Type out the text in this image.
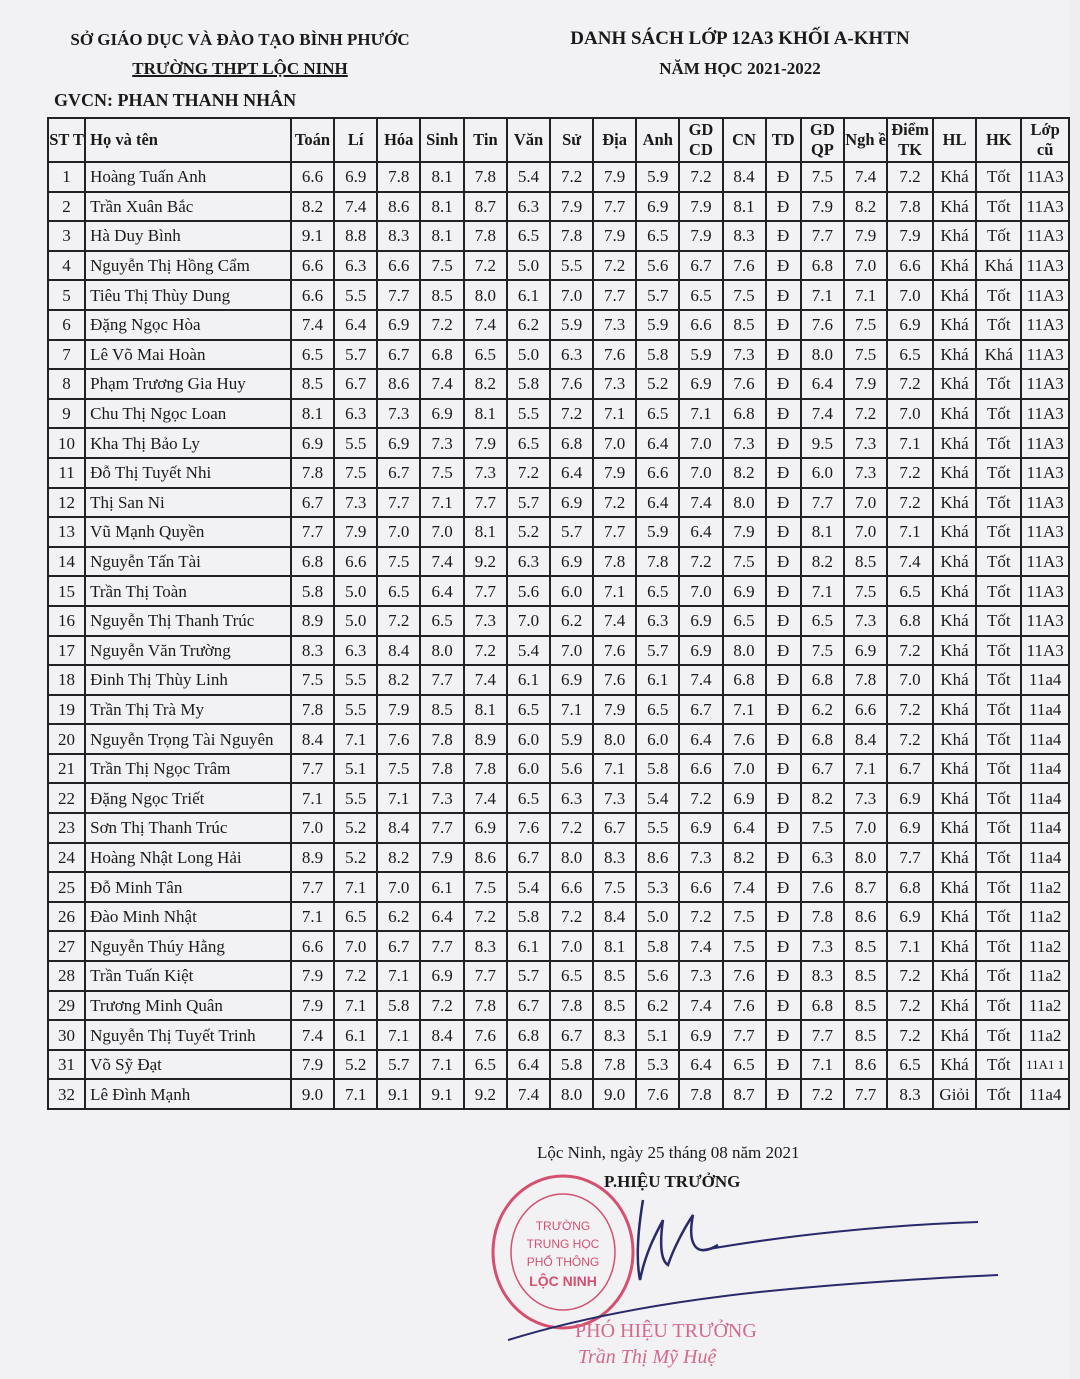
SỞ GIÁO DỤC VÀ ĐÀO TẠO BÌNH PHƯỚC
TRƯỜNG THPT LỘC NINH
DANH SÁCH LỚP 12A3 KHỐI A-KHTN
NĂM HỌC 2021-2022
GVCN: PHAN THANH NHÂN
ST T	Họ và tên	Toán	Lí	Hóa	Sinh	Tin	Văn	Sử	Địa	Anh	GD CD	CN	TD	GD QP	Ngh ề	Điểm TK	HL	HK	Lớp cũ
1	Hoàng Tuấn Anh	6.6	6.9	7.8	8.1	7.8	5.4	7.2	7.9	5.9	7.2	8.4	Đ	7.5	7.4	7.2	Khá	Tốt	11A3
2	Trần Xuân Bắc	8.2	7.4	8.6	8.1	8.7	6.3	7.9	7.7	6.9	7.9	8.1	Đ	7.9	8.2	7.8	Khá	Tốt	11A3
3	Hà Duy Bình	9.1	8.8	8.3	8.1	7.8	6.5	7.8	7.9	6.5	7.9	8.3	Đ	7.7	7.9	7.9	Khá	Tốt	11A3
4	Nguyễn Thị Hồng Cẩm	6.6	6.3	6.6	7.5	7.2	5.0	5.5	7.2	5.6	6.7	7.6	Đ	6.8	7.0	6.6	Khá	Khá	11A3
5	Tiêu Thị Thùy Dung	6.6	5.5	7.7	8.5	8.0	6.1	7.0	7.7	5.7	6.5	7.5	Đ	7.1	7.1	7.0	Khá	Tốt	11A3
6	Đặng Ngọc Hòa	7.4	6.4	6.9	7.2	7.4	6.2	5.9	7.3	5.9	6.6	8.5	Đ	7.6	7.5	6.9	Khá	Tốt	11A3
7	Lê Võ Mai Hoàn	6.5	5.7	6.7	6.8	6.5	5.0	6.3	7.6	5.8	5.9	7.3	Đ	8.0	7.5	6.5	Khá	Khá	11A3
8	Phạm Trương Gia Huy	8.5	6.7	8.6	7.4	8.2	5.8	7.6	7.3	5.2	6.9	7.6	Đ	6.4	7.9	7.2	Khá	Tốt	11A3
9	Chu Thị Ngọc Loan	8.1	6.3	7.3	6.9	8.1	5.5	7.2	7.1	6.5	7.1	6.8	Đ	7.4	7.2	7.0	Khá	Tốt	11A3
10	Kha Thị Bảo Ly	6.9	5.5	6.9	7.3	7.9	6.5	6.8	7.0	6.4	7.0	7.3	Đ	9.5	7.3	7.1	Khá	Tốt	11A3
11	Đỗ Thị Tuyết Nhi	7.8	7.5	6.7	7.5	7.3	7.2	6.4	7.9	6.6	7.0	8.2	Đ	6.0	7.3	7.2	Khá	Tốt	11A3
12	Thị San Ni	6.7	7.3	7.7	7.1	7.7	5.7	6.9	7.2	6.4	7.4	8.0	Đ	7.7	7.0	7.2	Khá	Tốt	11A3
13	Vũ Mạnh Quyền	7.7	7.9	7.0	7.0	8.1	5.2	5.7	7.7	5.9	6.4	7.9	Đ	8.1	7.0	7.1	Khá	Tốt	11A3
14	Nguyễn Tấn Tài	6.8	6.6	7.5	7.4	9.2	6.3	6.9	7.8	7.8	7.2	7.5	Đ	8.2	8.5	7.4	Khá	Tốt	11A3
15	Trần Thị Toàn	5.8	5.0	6.5	6.4	7.7	5.6	6.0	7.1	6.5	7.0	6.9	Đ	7.1	7.5	6.5	Khá	Tốt	11A3
16	Nguyễn Thị Thanh Trúc	8.9	5.0	7.2	6.5	7.3	7.0	6.2	7.4	6.3	6.9	6.5	Đ	6.5	7.3	6.8	Khá	Tốt	11A3
17	Nguyễn Văn Trường	8.3	6.3	8.4	8.0	7.2	5.4	7.0	7.6	5.7	6.9	8.0	Đ	7.5	6.9	7.2	Khá	Tốt	11A3
18	Đinh Thị Thùy Linh	7.5	5.5	8.2	7.7	7.4	6.1	6.9	7.6	6.1	7.4	6.8	Đ	6.8	7.8	7.0	Khá	Tốt	11a4
19	Trần Thị Trà My	7.8	5.5	7.9	8.5	8.1	6.5	7.1	7.9	6.5	6.7	7.1	Đ	6.2	6.6	7.2	Khá	Tốt	11a4
20	Nguyễn Trọng Tài Nguyên	8.4	7.1	7.6	7.8	8.9	6.0	5.9	8.0	6.0	6.4	7.6	Đ	6.8	8.4	7.2	Khá	Tốt	11a4
21	Trần Thị Ngọc Trâm	7.7	5.1	7.5	7.8	7.8	6.0	5.6	7.1	5.8	6.6	7.0	Đ	6.7	7.1	6.7	Khá	Tốt	11a4
22	Đặng Ngọc Triết	7.1	5.5	7.1	7.3	7.4	6.5	6.3	7.3	5.4	7.2	6.9	Đ	8.2	7.3	6.9	Khá	Tốt	11a4
23	Sơn Thị Thanh Trúc	7.0	5.2	8.4	7.7	6.9	7.6	7.2	6.7	5.5	6.9	6.4	Đ	7.5	7.0	6.9	Khá	Tốt	11a4
24	Hoàng Nhật Long Hải	8.9	5.2	8.2	7.9	8.6	6.7	8.0	8.3	8.6	7.3	8.2	Đ	6.3	8.0	7.7	Khá	Tốt	11a4
25	Đỗ Minh Tân	7.7	7.1	7.0	6.1	7.5	5.4	6.6	7.5	5.3	6.6	7.4	Đ	7.6	8.7	6.8	Khá	Tốt	11a2
26	Đào Minh Nhật	7.1	6.5	6.2	6.4	7.2	5.8	7.2	8.4	5.0	7.2	7.5	Đ	7.8	8.6	6.9	Khá	Tốt	11a2
27	Nguyễn Thúy Hằng	6.6	7.0	6.7	7.7	8.3	6.1	7.0	8.1	5.8	7.4	7.5	Đ	7.3	8.5	7.1	Khá	Tốt	11a2
28	Trần Tuấn Kiệt	7.9	7.2	7.1	6.9	7.7	5.7	6.5	8.5	5.6	7.3	7.6	Đ	8.3	8.5	7.2	Khá	Tốt	11a2
29	Trương Minh Quân	7.9	7.1	5.8	7.2	7.8	6.7	7.8	8.5	6.2	7.4	7.6	Đ	6.8	8.5	7.2	Khá	Tốt	11a2
30	Nguyễn Thị Tuyết Trinh	7.4	6.1	7.1	8.4	7.6	6.8	6.7	8.3	5.1	6.9	7.7	Đ	7.7	8.5	7.2	Khá	Tốt	11a2
31	Võ Sỹ Đạt	7.9	5.2	5.7	7.1	6.5	6.4	5.8	7.8	5.3	6.4	6.5	Đ	7.1	8.6	6.5	Khá	Tốt	11A1 1
32	Lê Đình Mạnh	9.0	7.1	9.1	9.1	9.2	7.4	8.0	9.0	7.6	7.8	8.7	Đ	7.2	7.7	8.3	Giỏi	Tốt	11a4
Lộc Ninh, ngày 25 tháng 08 năm 2021
P.HIỆU TRƯỞNG
TRƯỜNG
TRUNG HỌC
PHỔ THÔNG
LỘC NINH
PHÓ HIỆU TRƯỞNG
Trần Thị Mỹ Huệ
